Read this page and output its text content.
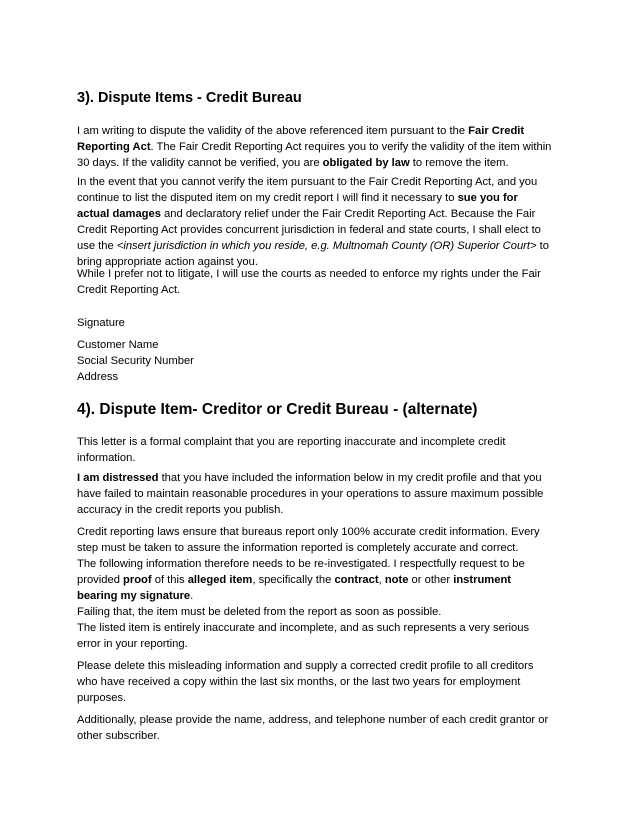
3). Dispute Items - Credit Bureau

I am writing to dispute the validity of the above referenced item pursuant to the Fair Credit
Reporting Act. The Fair Credit Reporting Act requires you to verify the validity of the item within
30 days. If the validity cannot be verified, you are obligated by law to remove the item.

In the event that you cannot verify the item pursuant to the Fair Credit Reporting Act, and you
continue to list the disputed item on my credit report I will find it necessary to sue you for
actual damages and declaratory relief under the Fair Credit Reporting Act. Because the Fair
Credit Reporting Act provides concurrent jurisdiction in federal and state courts, I shall elect to
use the <insert jurisdiction in which you reside, e.g. Multnomah County (OR) Superior Court> to
bring appropriate action against you.

While I prefer not to litigate, I will use the courts as needed to enforce my rights under the Fair
Credit Reporting Act.

Signature

Customer Name
Social Security Number
Address

4). Dispute Item- Creditor or Credit Bureau - (alternate)

This letter is a formal complaint that you are reporting inaccurate and incomplete credit
information.

I am distressed that you have included the information below in my credit profile and that you
have failed to maintain reasonable procedures in your operations to assure maximum possible
accuracy in the credit reports you publish.

Credit reporting laws ensure that bureaus report only 100% accurate credit information. Every
step must be taken to assure the information reported is completely accurate and correct.
The following information therefore needs to be re-investigated. I respectfully request to be
provided proof of this alleged item, specifically the contract, note or other instrument
bearing my signature.

Failing that, the item must be deleted from the report as soon as possible.
The listed item is entirely inaccurate and incomplete, and as such represents a very serious
error in your reporting.

Please delete this misleading information and supply a corrected credit profile to all creditors
who have received a copy within the last six months, or the last two years for employment
purposes.

Additionally, please provide the name, address, and telephone number of each credit grantor or
other subscriber.
